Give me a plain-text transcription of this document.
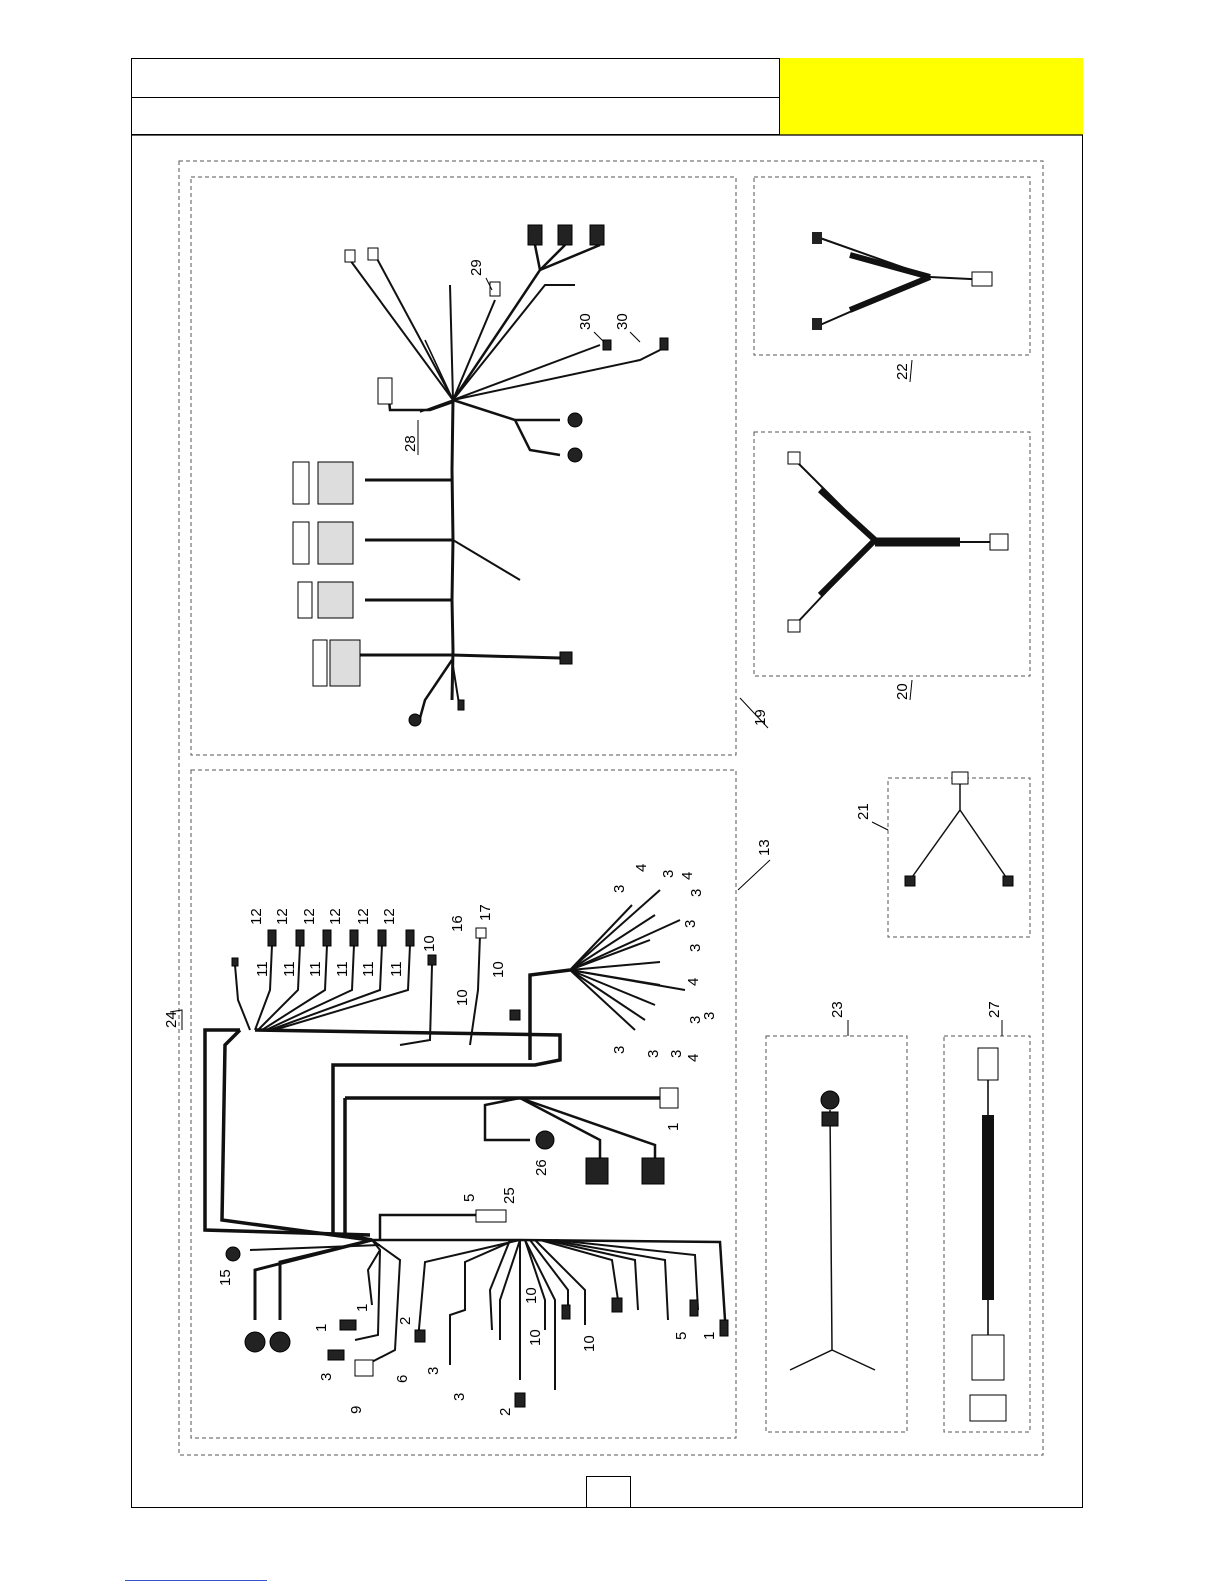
24
13
19
20
22
21
23	27
29
30 30
28
12 12 12 12 12 12
11 11 11 11 11 11
10
10
10
10
10 10
16
17
4
4
4
4
3
3
3
3
3
3
3
3 3 3
3
3
3
1
1
1
1
26
25
5
5
15
2
2
6
9
